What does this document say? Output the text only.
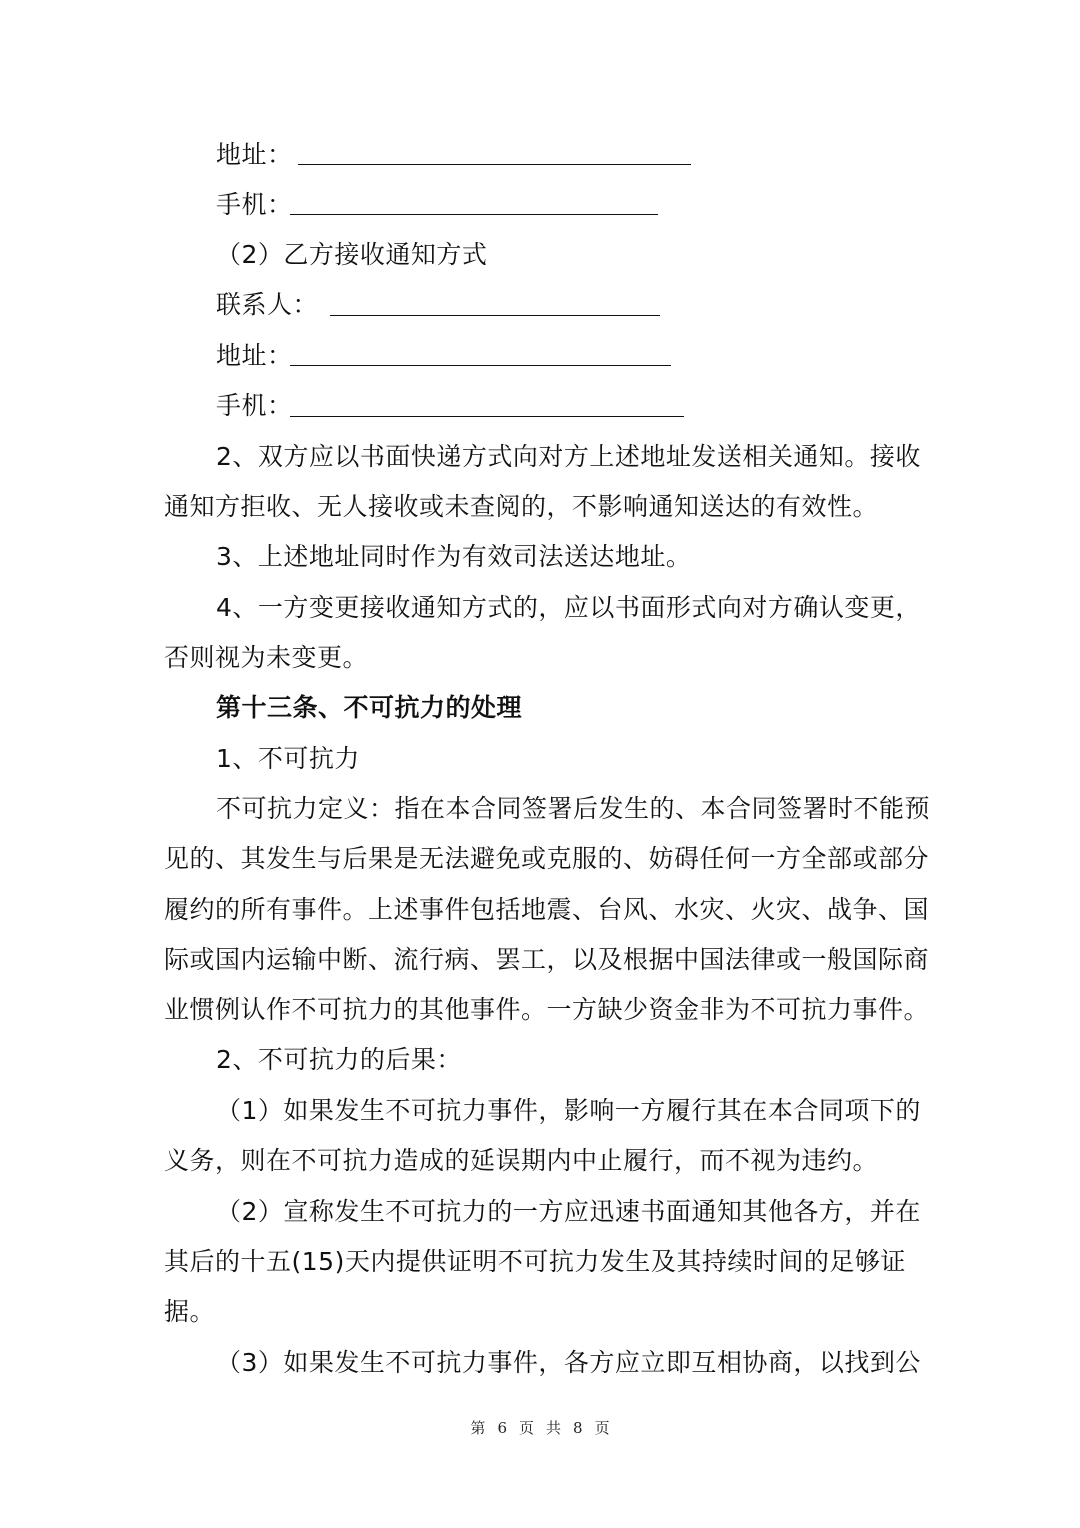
地址：
手机：
（2）乙方接收通知方式
联系人：
地址：
手机：
2、双方应以书面快递方式向对方上述地址发送相关通知。接收
通知方拒收、无人接收或未查阅的，不影响通知送达的有效性。
3、上述地址同时作为有效司法送达地址。
4、一方变更接收通知方式的，应以书面形式向对方确认变更，
否则视为未变更。
第十三条、不可抗力的处理
1、不可抗力
不可抗力定义：指在本合同签署后发生的、本合同签署时不能预
见的、其发生与后果是无法避免或克服的、妨碍任何一方全部或部分
履约的所有事件。上述事件包括地震、台风、水灾、火灾、战争、国
际或国内运输中断、流行病、罢工，以及根据中国法律或一般国际商
业惯例认作不可抗力的其他事件。一方缺少资金非为不可抗力事件。
2、不可抗力的后果：
（1）如果发生不可抗力事件，影响一方履行其在本合同项下的
义务，则在不可抗力造成的延误期内中止履行，而不视为违约。
（2）宣称发生不可抗力的一方应迅速书面通知其他各方，并在
其后的十五(15)天内提供证明不可抗力发生及其持续时间的足够证
据。
（3）如果发生不可抗力事件，各方应立即互相协商，以找到公
第 6 页 共 8 页
